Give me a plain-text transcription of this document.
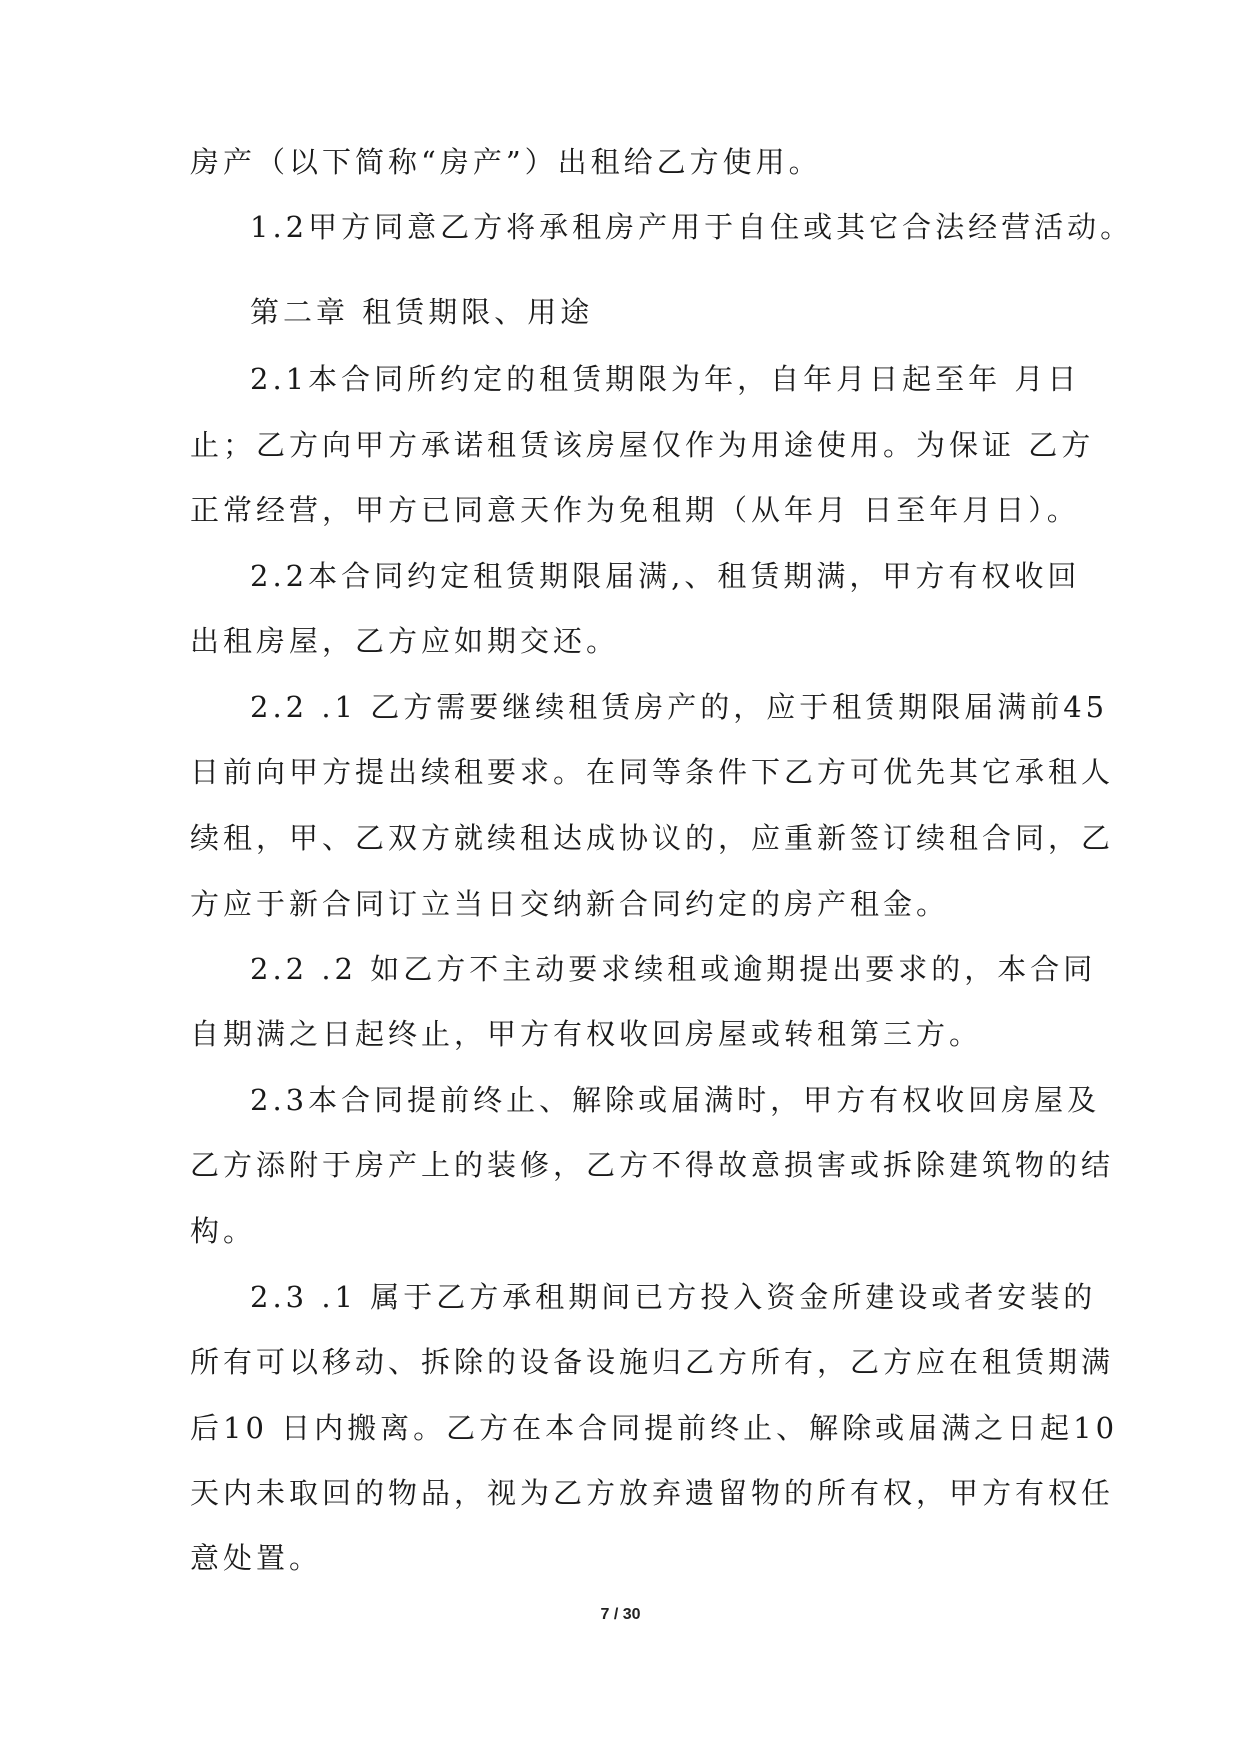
房产（以下简称“房产”）出租给乙方使用。
1.2甲方同意乙方将承租房产用于自住或其它合法经营活动。
第二章 租赁期限、用途
2.1本合同所约定的租赁期限为年，自年月日起至年 月日
止；乙方向甲方承诺租赁该房屋仅作为用途使用。为保证 乙方
正常经营，甲方已同意天作为免租期（从年月 日至年月日）。
2.2本合同约定租赁期限届满,、租赁期满，甲方有权收回
出租房屋，乙方应如期交还。
2.2 .1 乙方需要继续租赁房产的，应于租赁期限届满前45
日前向甲方提出续租要求。在同等条件下乙方可优先其它承租人
续租，甲、乙双方就续租达成协议的，应重新签订续租合同，乙
方应于新合同订立当日交纳新合同约定的房产租金。
2.2 .2 如乙方不主动要求续租或逾期提出要求的，本合同
自期满之日起终止，甲方有权收回房屋或转租第三方。
2.3本合同提前终止、解除或届满时，甲方有权收回房屋及
乙方添附于房产上的装修，乙方不得故意损害或拆除建筑物的结
构。
2.3 .1 属于乙方承租期间已方投入资金所建设或者安装的
所有可以移动、拆除的设备设施归乙方所有，乙方应在租赁期满
后10 日内搬离。乙方在本合同提前终止、解除或届满之日起10
天内未取回的物品，视为乙方放弃遗留物的所有权，甲方有权任
意处置。
7 / 30
